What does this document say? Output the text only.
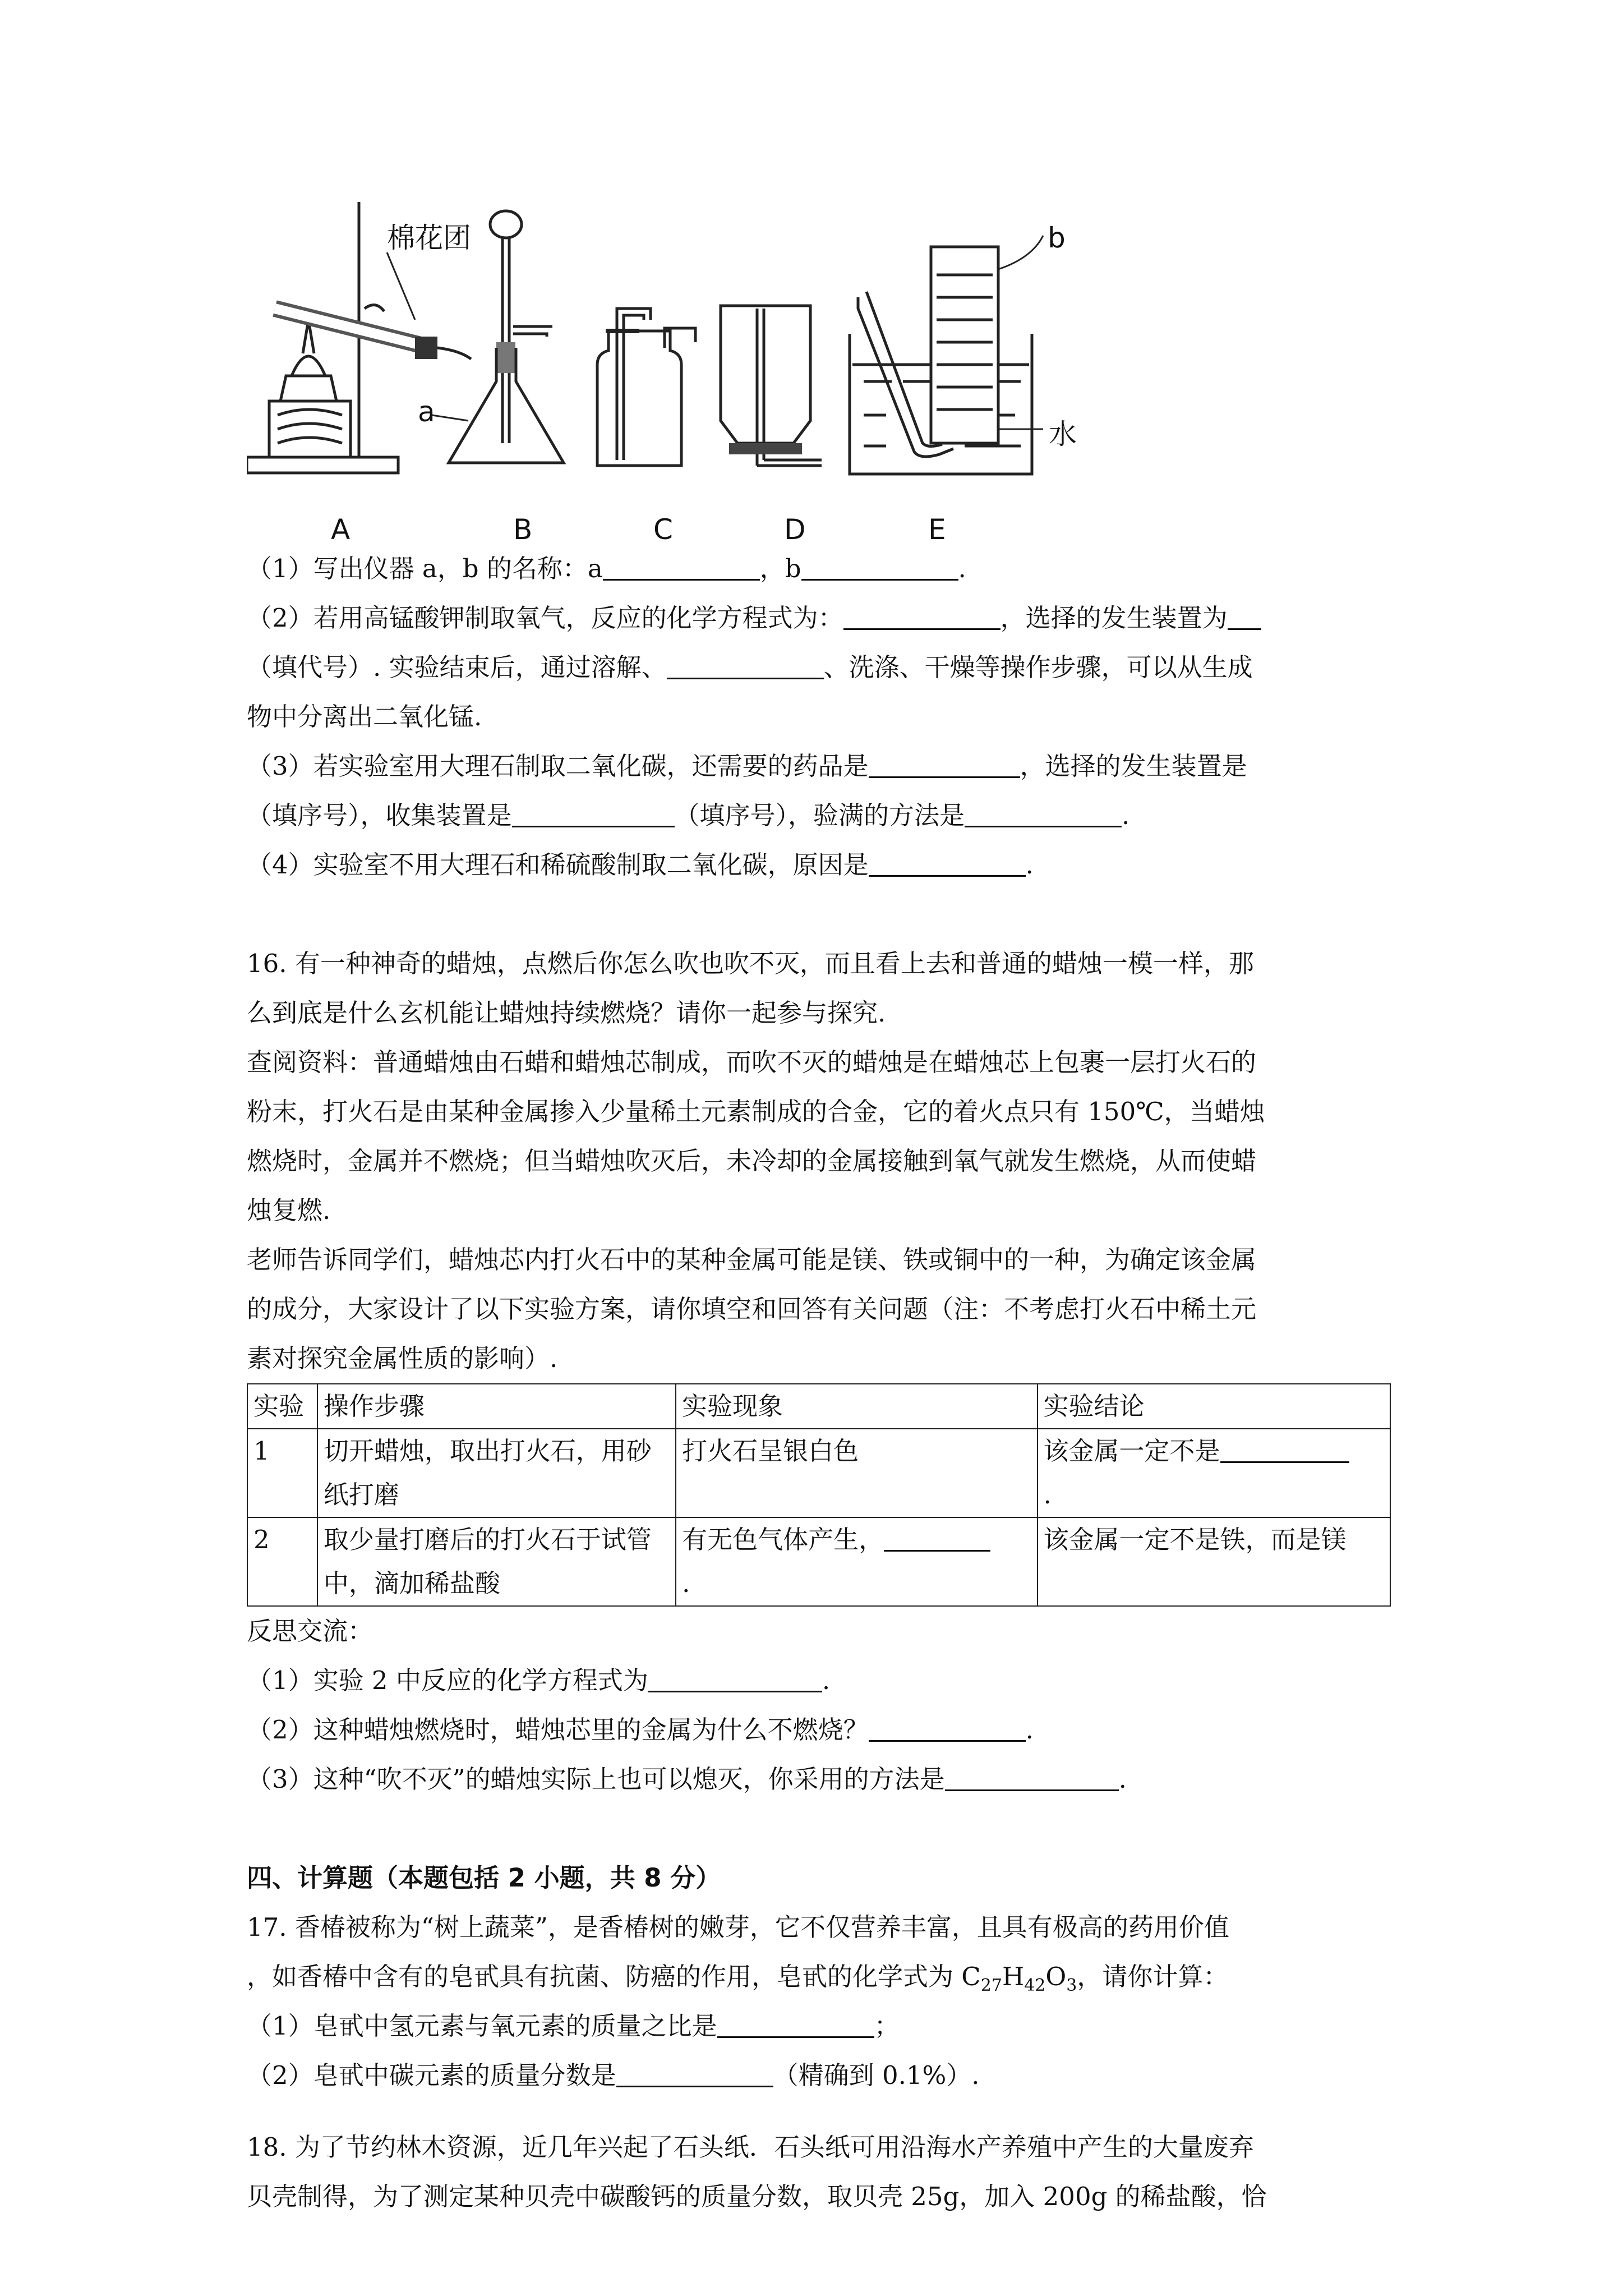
棉花团
a
b
水
A	B	C	D	E
（1）写出仪器 a，b 的名称：a	，b	.
（2）若用高锰酸钾制取氧气，反应的化学方程式为：	，选择的发生装置为
（填代号）. 实验结束后，通过溶解、	、洗涤、干燥等操作步骤，可以从生成
物中分离出二氧化锰.
（3）若实验室用大理石制取二氧化碳，还需要的药品是	，选择的发生装置是
（填序号），收集装置是	（填序号），验满的方法是	.
（4）实验室不用大理石和稀硫酸制取二氧化碳，原因是	.
16. 有一种神奇的蜡烛，点燃后你怎么吹也吹不灭，而且看上去和普通的蜡烛一模一样，那
么到底是什么玄机能让蜡烛持续燃烧？请你一起参与探究.
查阅资料：普通蜡烛由石蜡和蜡烛芯制成，而吹不灭的蜡烛是在蜡烛芯上包裹一层打火石的
粉末，打火石是由某种金属掺入少量稀土元素制成的合金，它的着火点只有 150℃，当蜡烛
燃烧时，金属并不燃烧；但当蜡烛吹灭后，未冷却的金属接触到氧气就发生燃烧，从而使蜡
烛复燃.
老师告诉同学们，蜡烛芯内打火石中的某种金属可能是镁、铁或铜中的一种，为确定该金属
的成分，大家设计了以下实验方案，请你填空和回答有关问题（注：不考虑打火石中稀土元
素对探究金属性质的影响）.
实验	操作步骤	实验现象	实验结论
1	切开蜡烛，取出打火石，用砂纸打磨	打火石呈银白色	该金属一定不是
.
2	取少量打磨后的打火石于试管中，滴加稀盐酸	有无色气体产生，
.	该金属一定不是铁，而是镁
反思交流：
（1）实验 2 中反应的化学方程式为	.
（2）这种蜡烛燃烧时，蜡烛芯里的金属为什么不燃烧？	.
（3）这种“吹不灭”的蜡烛实际上也可以熄灭，你采用的方法是	.
四、计算题（本题包括 2 小题，共 8 分）
17. 香椿被称为“树上蔬菜”，是香椿树的嫩芽，它不仅营养丰富，且具有极高的药用价值
，如香椿中含有的皂甙具有抗菌、防癌的作用，皂甙的化学式为 $C_{27}H_{42}O_3$，请你计算：
（1）皂甙中氢元素与氧元素的质量之比是	；
（2）皂甙中碳元素的质量分数是	（精确到 0.1%）.
18. 为了节约林木资源，近几年兴起了石头纸．石头纸可用沿海水产养殖中产生的大量废弃
贝壳制得，为了测定某种贝壳中碳酸钙的质量分数，取贝壳 25g，加入 200g 的稀盐酸，恰
